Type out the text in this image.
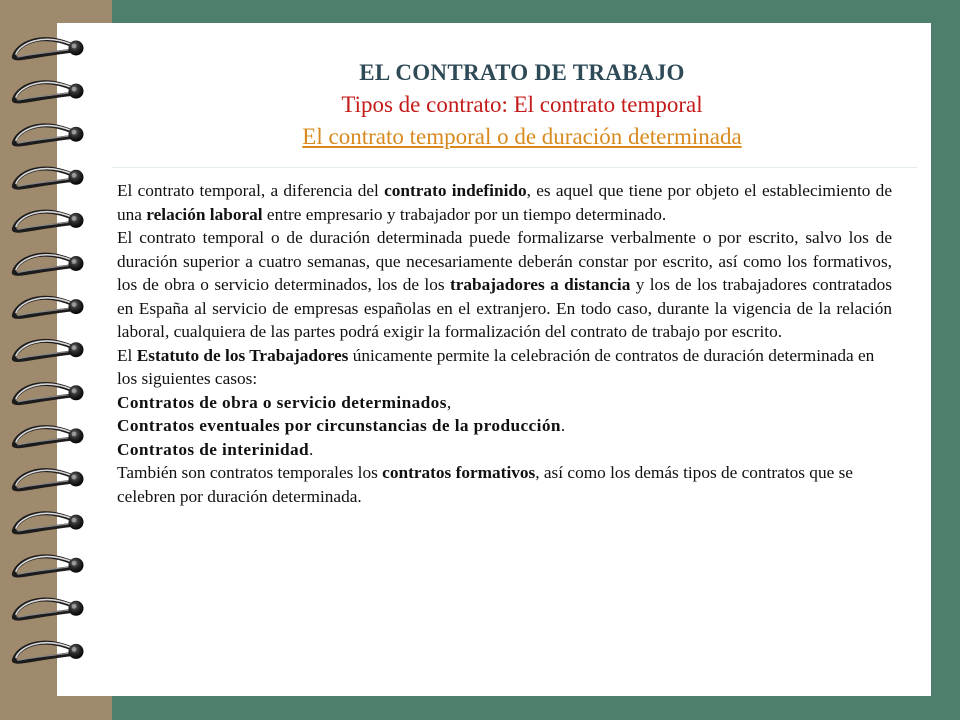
EL CONTRATO DE TRABAJO
Tipos de contrato: El contrato temporal
El contrato temporal o de duración determinada

El contrato temporal, a diferencia del contrato indefinido, es aquel que tiene por objeto el establecimiento de una relación laboral entre empresario y trabajador por un tiempo determinado.

El contrato temporal o de duración determinada puede formalizarse verbalmente o por escrito, salvo los de duración superior a cuatro semanas, que necesariamente deberán constar por escrito, así como los formativos, los de obra o servicio determinados, los de los trabajadores a distancia y los de los trabajadores contratados en España al servicio de empresas españolas en el extranjero. En todo caso, durante la vigencia de la relación laboral, cualquiera de las partes podrá exigir la formalización del contrato de trabajo por escrito.

El Estatuto de los Trabajadores únicamente permite la celebración de contratos de duración determinada en los siguientes casos:

Contratos de obra o servicio determinados,

Contratos eventuales por circunstancias de la producción.

Contratos de interinidad.

También son contratos temporales los contratos formativos, así como los demás tipos de contratos que se celebren por duración determinada.
